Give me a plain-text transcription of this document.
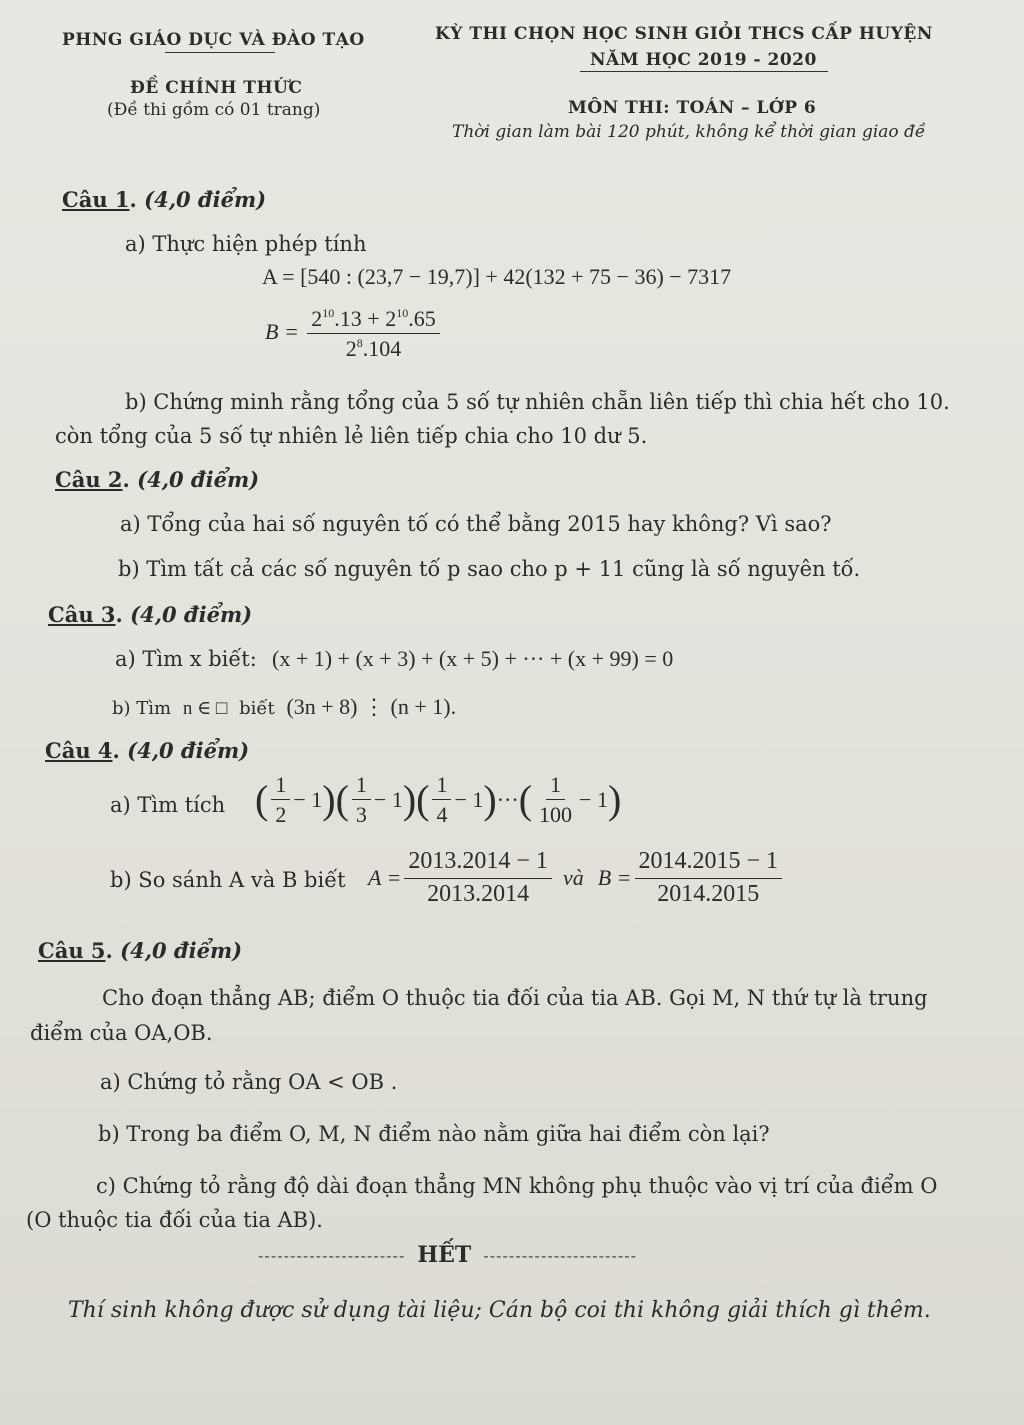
PHNG GIÁO DỤC VÀ ĐÀO TẠO	KỲ THI CHỌN HỌC SINH GIỎI THCS CẤP HUYỆN
NĂM HỌC 2019 - 2020
ĐỀ CHÍNH THỨC
(Đề thi gồm có 01 trang)	MÔN THI: TOÁN – LỚP 6
Thời gian làm bài 120 phút, không kể thời gian giao đề
Câu 1. (4,0 điểm)
a) Thực hiện phép tính
A = [540 : (23,7 − 19,7)] + 42(132 + 75 − 36) − 7317
$B = \frac{2^{10}.13 + 2^{10}.65}{2^8.104}$
b) Chứng minh rằng tổng của 5 số tự nhiên chẵn liên tiếp thì chia hết cho 10.
còn tổng của 5 số tự nhiên lẻ liên tiếp chia cho 10 dư 5.
Câu 2. (4,0 điểm)
a) Tổng của hai số nguyên tố có thể bằng 2015 hay không? Vì sao?
b) Tìm tất cả các số nguyên tố p sao cho p + 11 cũng là số nguyên tố.
Câu 3. (4,0 điểm)
a) Tìm x biết: (x + 1) + (x + 3) + (x + 5) + ··· + (x + 99) = 0
b) Tìm n ∈ □ biết (3n + 8) ⋮ (n + 1).
Câu 4. (4,0 điểm)
a) Tìm tích ( $\frac{1}{2} - 1$ ) ( $\frac{1}{3} - 1$ ) ( $\frac{1}{4} - 1$ ) ··· ( $\frac{1}{100} - 1$ )
b) So sánh A và B biết $A = \frac{2013.2014 - 1}{2013.2014}$ và $B = \frac{2014.2015 - 1}{2014.2015}$
Câu 5. (4,0 điểm)
Cho đoạn thẳng AB; điểm O thuộc tia đối của tia AB. Gọi M, N thứ tự là trung
điểm của OA,OB.
a) Chứng tỏ rằng OA < OB .
b) Trong ba điểm O, M, N điểm nào nằm giữa hai điểm còn lại?
c) Chứng tỏ rằng độ dài đoạn thẳng MN không phụ thuộc vào vị trí của điểm O
(O thuộc tia đối của tia AB).
----------------------- HẾT ------------------------
Thí sinh không được sử dụng tài liệu; Cán bộ coi thi không giải thích gì thêm.
